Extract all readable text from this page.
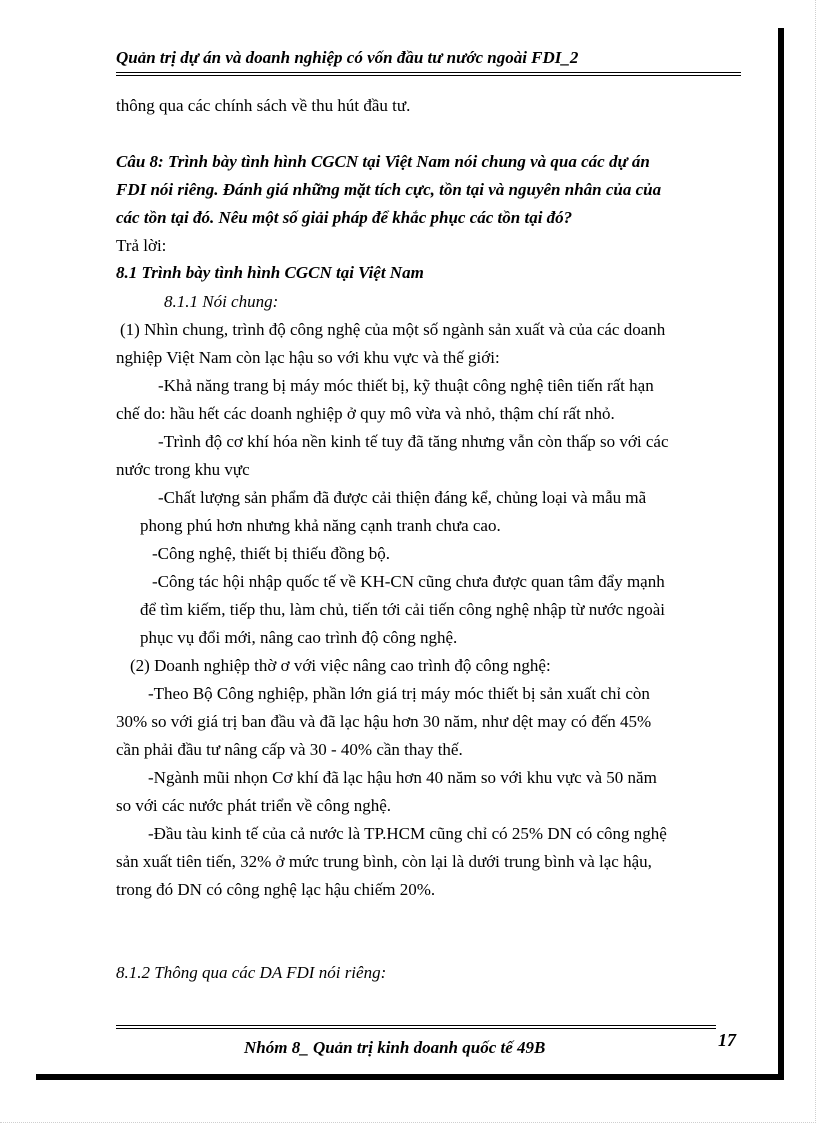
Quản trị dự án và doanh nghiệp có vốn đầu tư nước ngoài FDI_2
thông qua các chính sách về thu hút đầu tư.
Câu 8: Trình bày tình hình CGCN tại Việt Nam nói chung và qua các dự án
FDI nói riêng. Đánh giá những mặt tích cực, tồn tại và nguyên nhân của của
các tồn tại đó. Nêu một số giải pháp để khắc phục các tồn tại đó?
Trả lời:
8.1 Trình bày tình hình CGCN tại Việt Nam
8.1.1 Nói chung:
(1) Nhìn chung, trình độ công nghệ của một số ngành sản xuất và của các doanh
nghiệp Việt Nam còn lạc hậu so với khu vực và thế giới:
-Khả năng trang bị máy móc thiết bị, kỹ thuật công nghệ tiên tiến rất hạn
chế do: hầu hết các doanh nghiệp ở quy mô vừa và nhỏ, thậm chí rất nhỏ.
-Trình độ cơ khí hóa nền kinh tế tuy đã tăng nhưng vẫn còn thấp so với các
nước trong khu vực
-Chất lượng sản phẩm đã được cải thiện đáng kể, chủng loại và mẫu mã
phong phú hơn nhưng khả năng cạnh tranh chưa cao.
-Công nghệ, thiết bị thiếu đồng bộ.
-Công tác hội nhập quốc tế về KH-CN cũng chưa được quan tâm đẩy mạnh
để tìm kiếm, tiếp thu, làm chủ, tiến tới cải tiến công nghệ nhập từ nước ngoài
phục vụ đổi mới, nâng cao trình độ công nghệ.
(2) Doanh nghiệp thờ ơ với việc nâng cao trình độ công nghệ:
-Theo Bộ Công nghiệp, phần lớn giá trị máy móc thiết bị sản xuất chỉ còn
30% so với giá trị ban đầu và đã lạc hậu hơn 30 năm, như dệt may có đến 45%
cần phải đầu tư nâng cấp và 30 - 40% cần thay thế.
-Ngành mũi nhọn Cơ khí đã lạc hậu hơn 40 năm so với khu vực và 50 năm
so với các nước phát triển về công nghệ.
-Đầu tàu kinh tế của cả nước là TP.HCM cũng chỉ có 25% DN có công nghệ
sản xuất tiên tiến, 32% ở mức trung bình, còn lại là dưới trung bình và lạc hậu,
trong đó DN có công nghệ lạc hậu chiếm 20%.
8.1.2 Thông qua các DA FDI nói riêng:
Nhóm 8_ Quản trị kinh doanh quốc tế 49B	17
